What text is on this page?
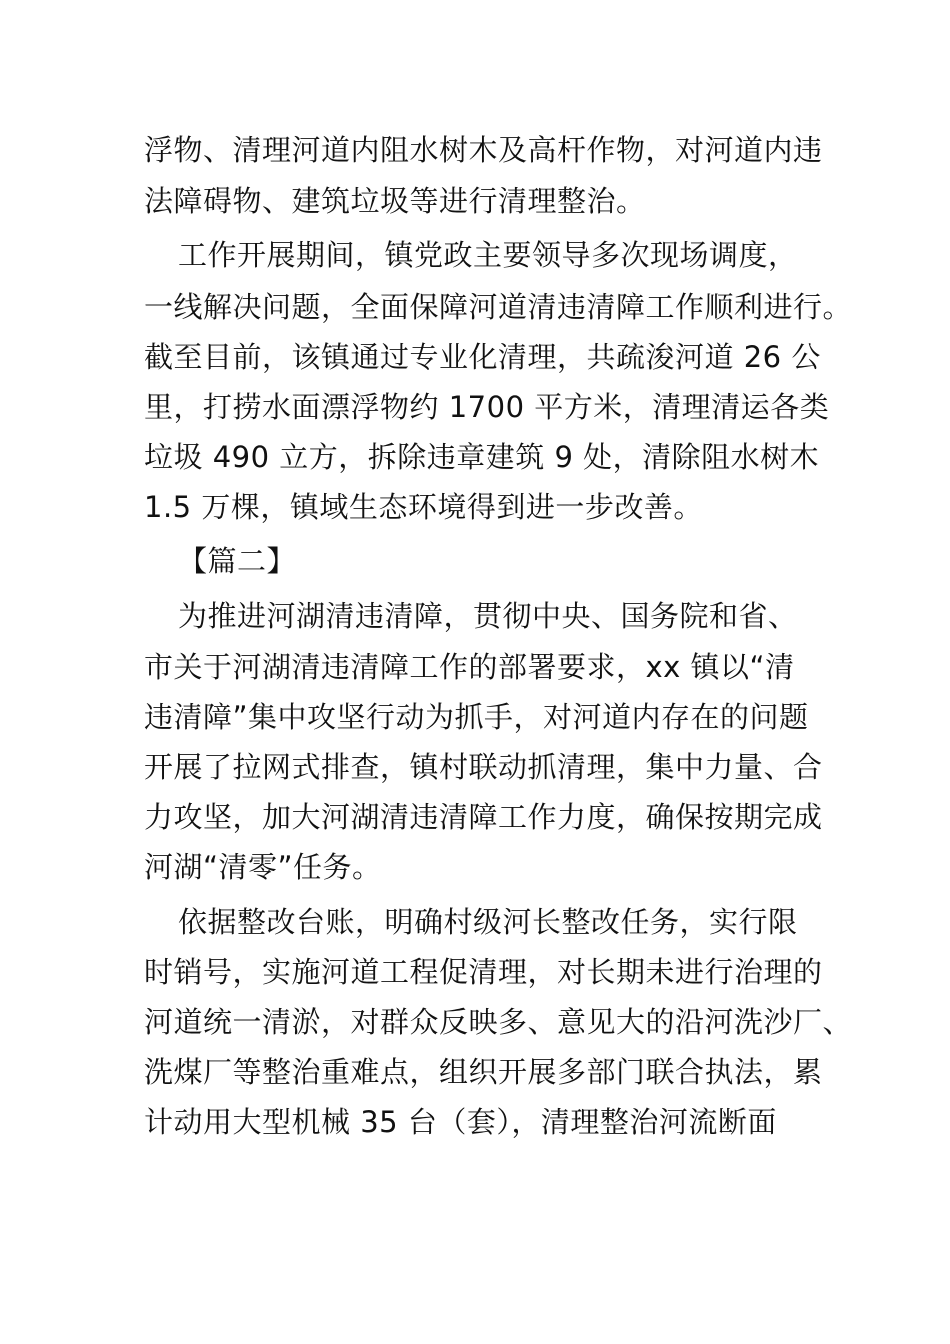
浮物、清理河道内阻水树木及高杆作物，对河道内违
法障碍物、建筑垃圾等进行清理整治。
工作开展期间，镇党政主要领导多次现场调度，
一线解决问题，全面保障河道清违清障工作顺利进行。
截至目前，该镇通过专业化清理，共疏浚河道 26 公
里，打捞水面漂浮物约 1700 平方米，清理清运各类
垃圾 490 立方，拆除违章建筑 9 处，清除阻水树木
1.5 万棵，镇域生态环境得到进一步改善。
【篇二】
为推进河湖清违清障，贯彻中央、国务院和省、
市关于河湖清违清障工作的部署要求，xx 镇以“清
违清障”集中攻坚行动为抓手，对河道内存在的问题
开展了拉网式排查，镇村联动抓清理，集中力量、合
力攻坚，加大河湖清违清障工作力度，确保按期完成
河湖“清零”任务。
依据整改台账，明确村级河长整改任务，实行限
时销号，实施河道工程促清理，对长期未进行治理的
河道统一清淤，对群众反映多、意见大的沿河洗沙厂、
洗煤厂等整治重难点，组织开展多部门联合执法，累
计动用大型机械 35 台（套），清理整治河流断面
